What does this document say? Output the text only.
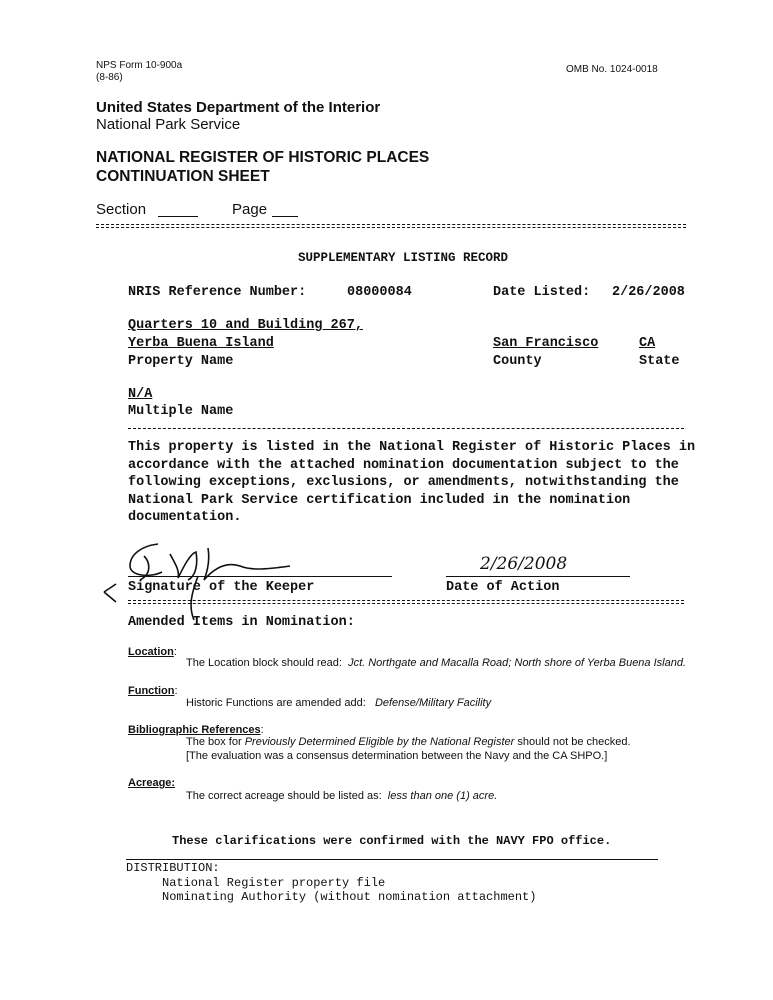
NPS Form 10-900a
(8-86)
OMB No. 1024-0018
United States Department of the Interior
National Park Service
NATIONAL REGISTER OF HISTORIC PLACES
CONTINUATION SHEET
Section	Page
SUPPLEMENTARY LISTING RECORD
NRIS Reference Number:	08000084	Date Listed: 2/26/2008
Quarters 10 and Building 267,
Yerba Buena Island
Property Name
San Francisco
County
CA
State
N/A
Multiple Name
This property is listed in the National Register of Historic Places in accordance with the attached nomination documentation subject to the following exceptions, exclusions, or amendments, notwithstanding the National Park Service certification included in the nomination documentation.
Signature of the Keeper
2/26/2008
Date of Action
Amended Items in Nomination:
Location:
The Location block should read: Jct. Northgate and Macalla Road; North shore of Yerba Buena Island.
Function:
Historic Functions are amended add: Defense/Military Facility
Bibliographic References:
The box for Previously Determined Eligible by the National Register should not be checked.
[The evaluation was a consensus determination between the Navy and the CA SHPO.]
Acreage:
The correct acreage should be listed as: less than one (1) acre.
These clarifications were confirmed with the NAVY FPO office.
DISTRIBUTION:
National Register property file
Nominating Authority (without nomination attachment)
